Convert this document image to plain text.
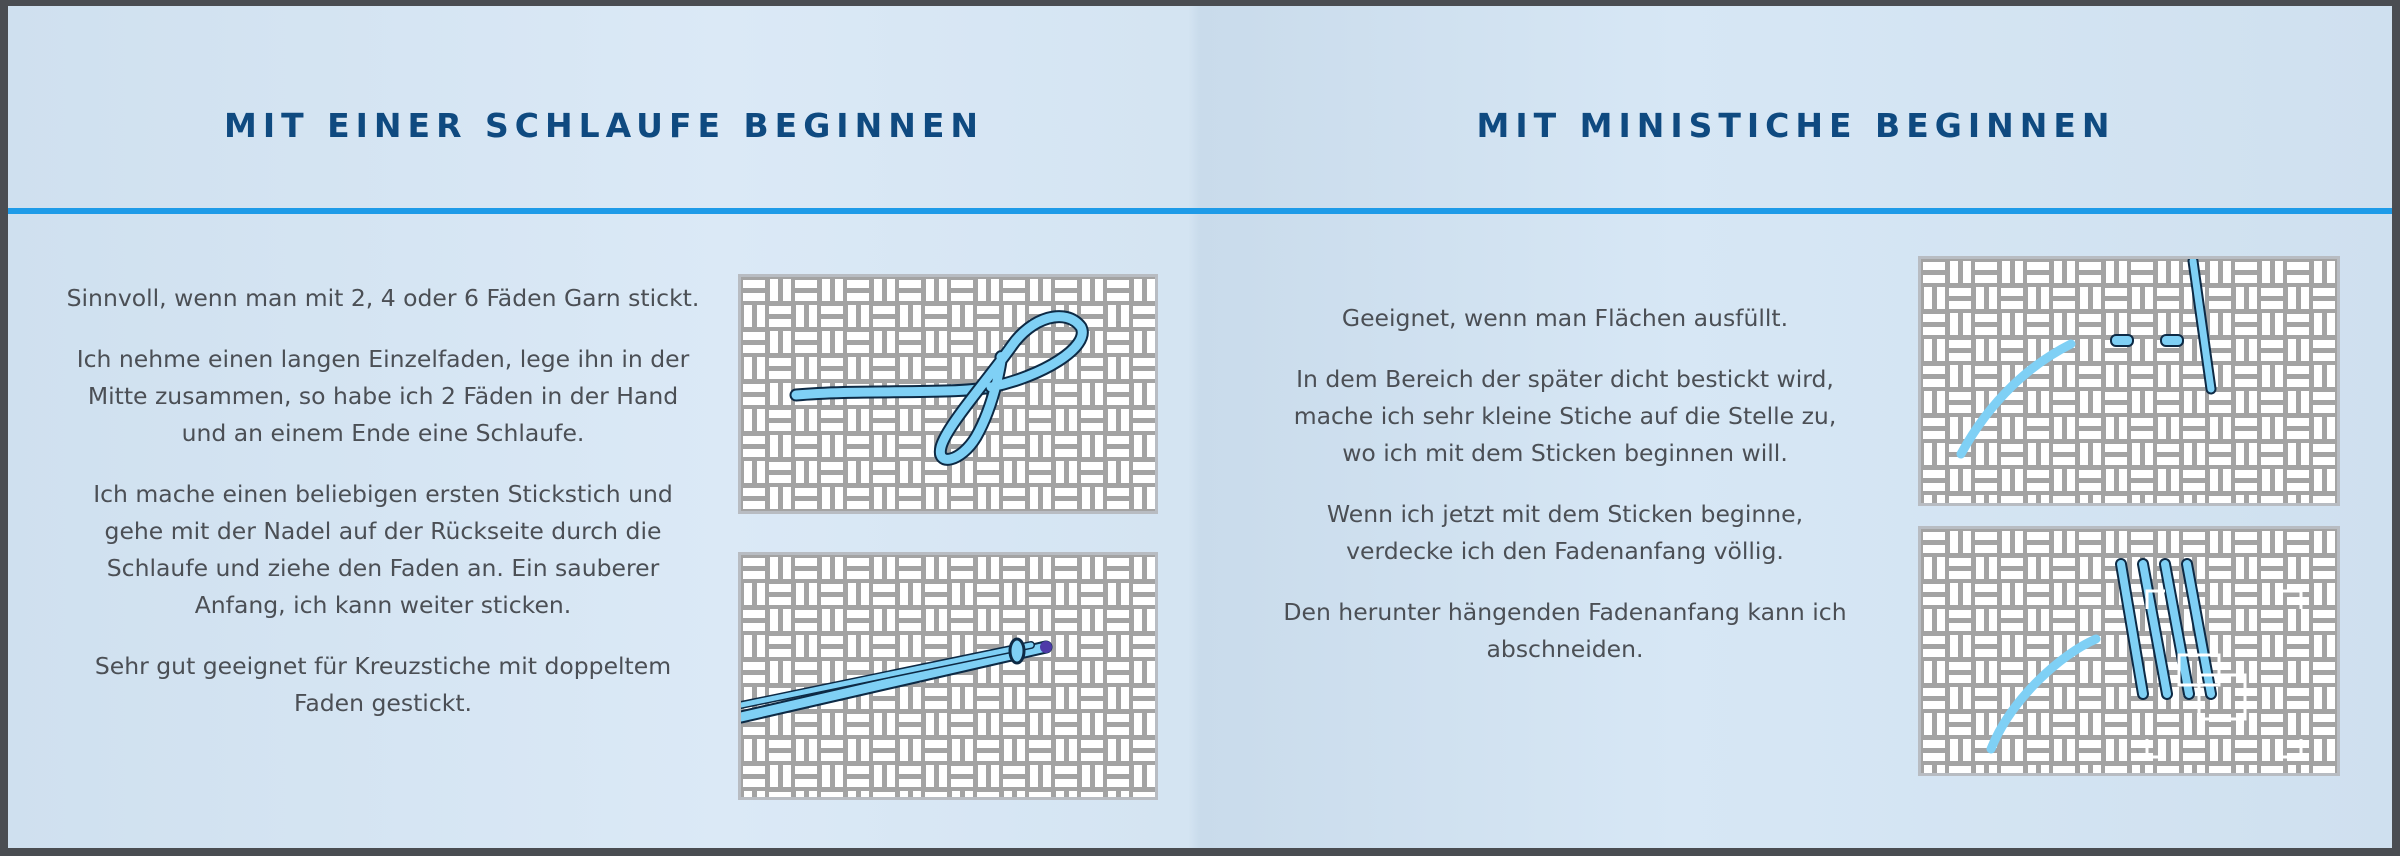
MIT EINER SCHLAUFE BEGINNEN

Sinnvoll, wenn man mit 2, 4 oder 6 Fäden Garn stickt.

Ich nehme einen langen Einzelfaden, lege ihn in der Mitte zusammen, so habe ich 2 Fäden in der Hand und an einem Ende eine Schlaufe.

Ich mache einen beliebigen ersten Stickstich und gehe mit der Nadel auf der Rückseite durch die Schlaufe und ziehe den Faden an. Ein sauberer Anfang, ich kann weiter sticken.

Sehr gut geeignet für Kreuzstiche mit doppeltem Faden gestickt.

MIT MINISTICHE BEGINNEN

Geeignet, wenn man Flächen ausfüllt.

In dem Bereich der später dicht bestickt wird, mache ich sehr kleine Stiche auf die Stelle zu, wo ich mit dem Sticken beginnen will.

Wenn ich jetzt mit dem Sticken beginne, verdecke ich den Fadenanfang völlig.

Den herunter hängenden Fadenanfang kann ich abschneiden.
